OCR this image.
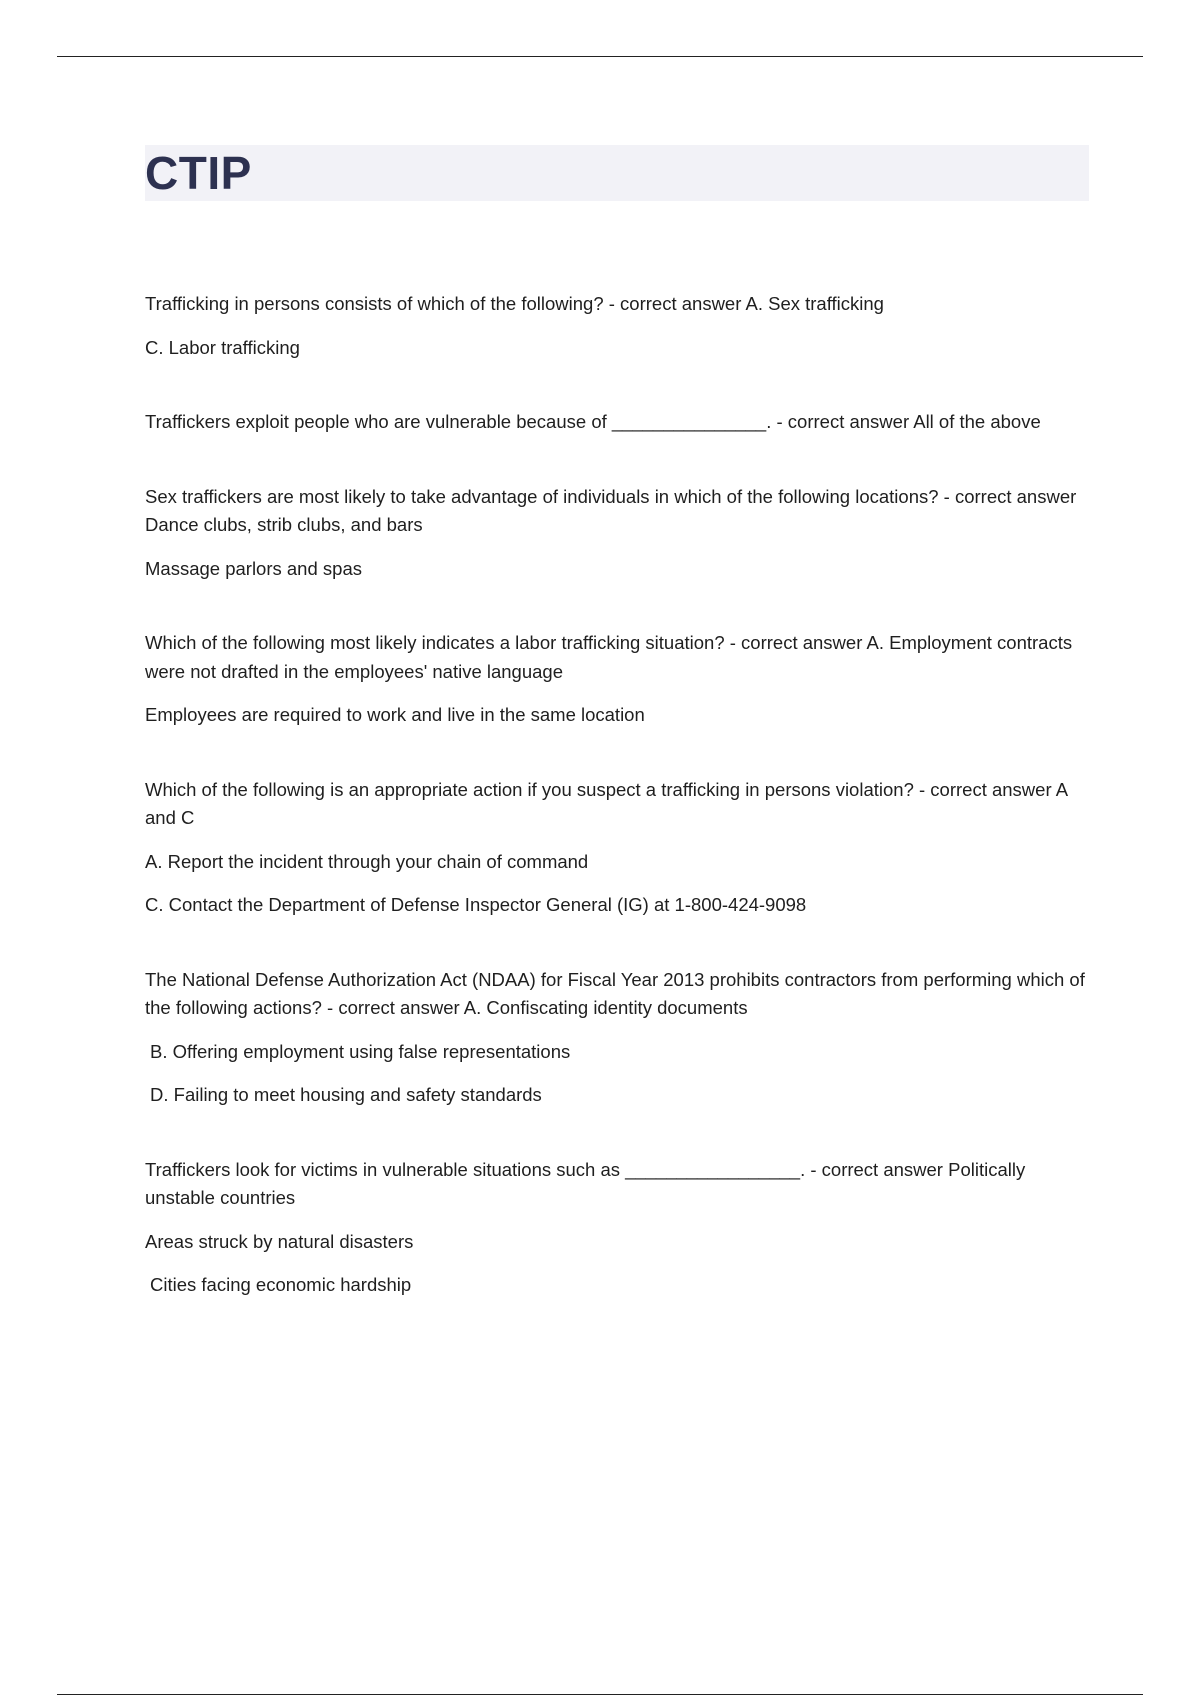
CTIP

Trafficking in persons consists of which of the following? - correct answer A. Sex trafficking

C. Labor trafficking

Traffickers exploit people who are vulnerable because of _______________. - correct answer All of the above

Sex traffickers are most likely to take advantage of individuals in which of the following locations? - correct answer Dance clubs, strib clubs, and bars

Massage parlors and spas

Which of the following most likely indicates a labor trafficking situation? - correct answer A. Employment contracts were not drafted in the employees' native language

Employees are required to work and live in the same location

Which of the following is an appropriate action if you suspect a trafficking in persons violation? - correct answer A and C

A. Report the incident through your chain of command

C. Contact the Department of Defense Inspector General (IG) at 1-800-424-9098

The National Defense Authorization Act (NDAA) for Fiscal Year 2013 prohibits contractors from performing which of the following actions? - correct answer A. Confiscating identity documents

B. Offering employment using false representations

D. Failing to meet housing and safety standards

Traffickers look for victims in vulnerable situations such as _________________. - correct answer Politically unstable countries

Areas struck by natural disasters

Cities facing economic hardship
